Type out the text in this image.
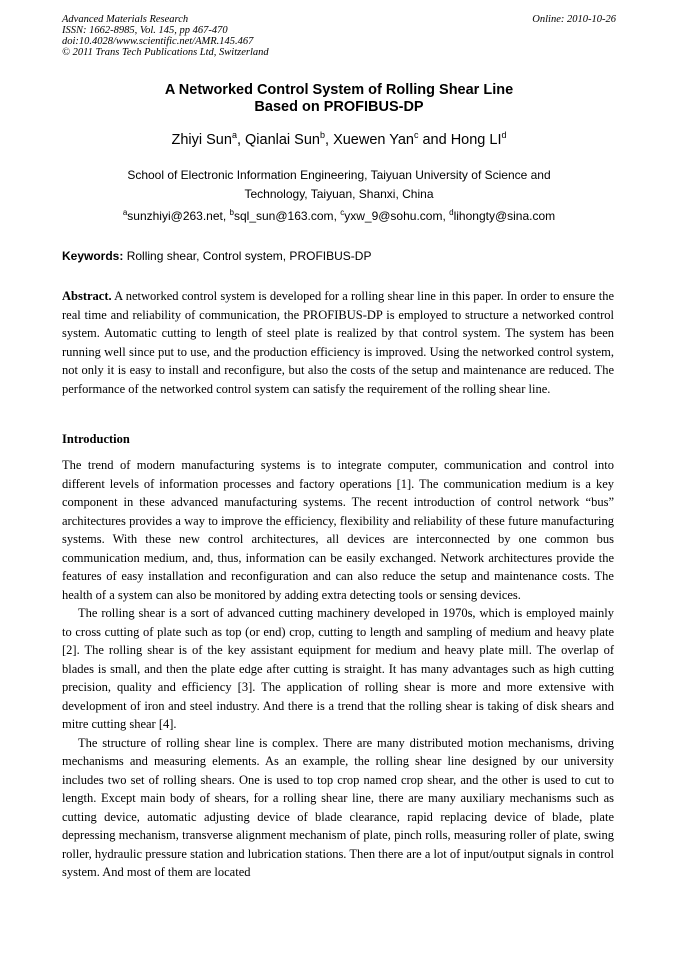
Advanced Materials Research
ISSN: 1662-8985, Vol. 145, pp 467-470
doi:10.4028/www.scientific.net/AMR.145.467
© 2011 Trans Tech Publications Ltd, Switzerland
Online: 2010-10-26
A Networked Control System of Rolling Shear Line
Based on PROFIBUS-DP
Zhiyi Sun$^a$, Qianlai Sun$^b$, Xuewen Yan$^c$ and Hong $LI^d$
School of Electronic Information Engineering, Taiyuan University of Science and
Technology, Taiyuan, Shanxi, China
$^a$sunzhiyi@263.net, $^b$sql_sun@163.com, $^c$yxw_9@sohu.com, $^d$lihongty@sina.com
Keywords: Rolling shear, Control system, PROFIBUS-DP
Abstract. A networked control system is developed for a rolling shear line in this paper. In order to ensure the real time and reliability of communication, the PROFIBUS-DP is employed to structure a networked control system. Automatic cutting to length of steel plate is realized by that control system. The system has been running well since put to use, and the production efficiency is improved. Using the networked control system, not only it is easy to install and reconfigure, but also the costs of the setup and maintenance are reduced. The performance of the networked control system can satisfy the requirement of the rolling shear line.
Introduction

The trend of modern manufacturing systems is to integrate computer, communication and control into different levels of information processes and factory operations [1]. The communication medium is a key component in these advanced manufacturing systems. The recent introduction of control network “bus” architectures provides a way to improve the efficiency, flexibility and reliability of these future manufacturing systems. With these new control architectures, all devices are interconnected by one common bus communication medium, and, thus, information can be easily exchanged. Network architectures provide the features of easy installation and reconfiguration and can also reduce the setup and maintenance costs. The health of a system can also be monitored by adding extra detecting tools or sensing devices.

The rolling shear is a sort of advanced cutting machinery developed in 1970s, which is employed mainly to cross cutting of plate such as top (or end) crop, cutting to length and sampling of medium and heavy plate [2]. The rolling shear is of the key assistant equipment for medium and heavy plate mill. The overlap of blades is small, and then the plate edge after cutting is straight. It has many advantages such as high cutting precision, quality and efficiency [3]. The application of rolling shear is more and more extensive with development of iron and steel industry. And there is a trend that the rolling shear is taking of disk shears and mitre cutting shear [4].

The structure of rolling shear line is complex. There are many distributed motion mechanisms, driving mechanisms and measuring elements. As an example, the rolling shear line designed by our university includes two set of rolling shears. One is used to top crop named crop shear, and the other is used to cut to length. Except main body of shears, for a rolling shear line, there are many auxiliary mechanisms such as cutting device, automatic adjusting device of blade clearance, rapid replacing device of blade, plate depressing mechanism, transverse alignment mechanism of plate, pinch rolls, measuring roller of plate, swing roller, hydraulic pressure station and lubrication stations. Then there are a lot of input/output signals in control system. And most of them are located
